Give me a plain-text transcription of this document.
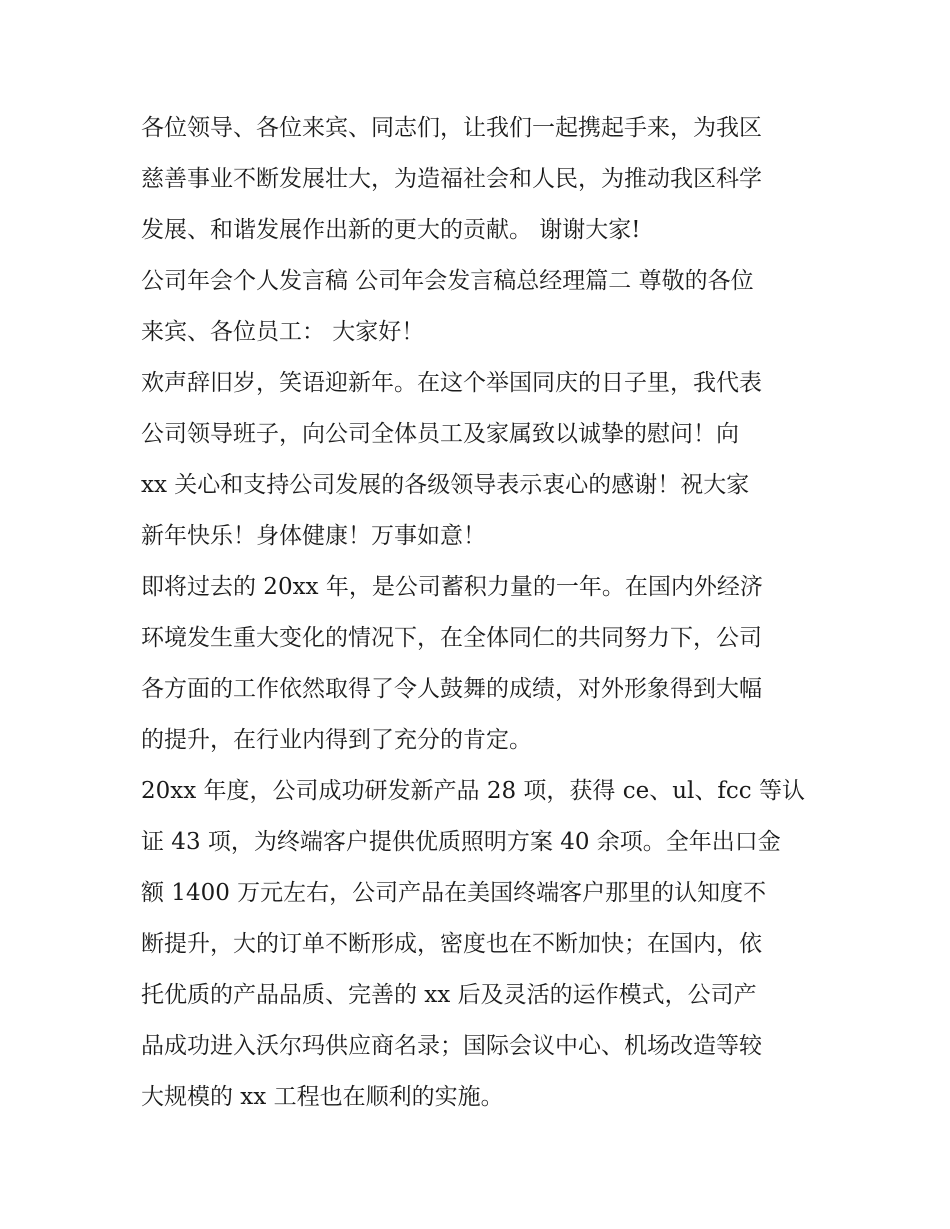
各位领导、各位来宾、同志们，让我们一起携起手来，为我区
慈善事业不断发展壮大，为造福社会和人民，为推动我区科学
发展、和谐发展作出新的更大的贡献。 谢谢大家!
公司年会个人发言稿 公司年会发言稿总经理篇二 尊敬的各位
来宾、各位员工： 大家好！
欢声辞旧岁，笑语迎新年。在这个举国同庆的日子里，我代表
公司领导班子，向公司全体员工及家属致以诚挚的慰问！向
xx 关心和支持公司发展的各级领导表示衷心的感谢！祝大家
新年快乐！身体健康！万事如意！
即将过去的 20xx 年，是公司蓄积力量的一年。在国内外经济
环境发生重大变化的情况下，在全体同仁的共同努力下，公司
各方面的工作依然取得了令人鼓舞的成绩，对外形象得到大幅
的提升，在行业内得到了充分的肯定。
20xx 年度，公司成功研发新产品 28 项，获得 ce、ul、fcc 等认
证 43 项，为终端客户提供优质照明方案 40 余项。全年出口金
额 1400 万元左右，公司产品在美国终端客户那里的认知度不
断提升，大的订单不断形成，密度也在不断加快；在国内，依
托优质的产品品质、完善的 xx 后及灵活的运作模式，公司产
品成功进入沃尔玛供应商名录；国际会议中心、机场改造等较
大规模的 xx 工程也在顺利的实施。
